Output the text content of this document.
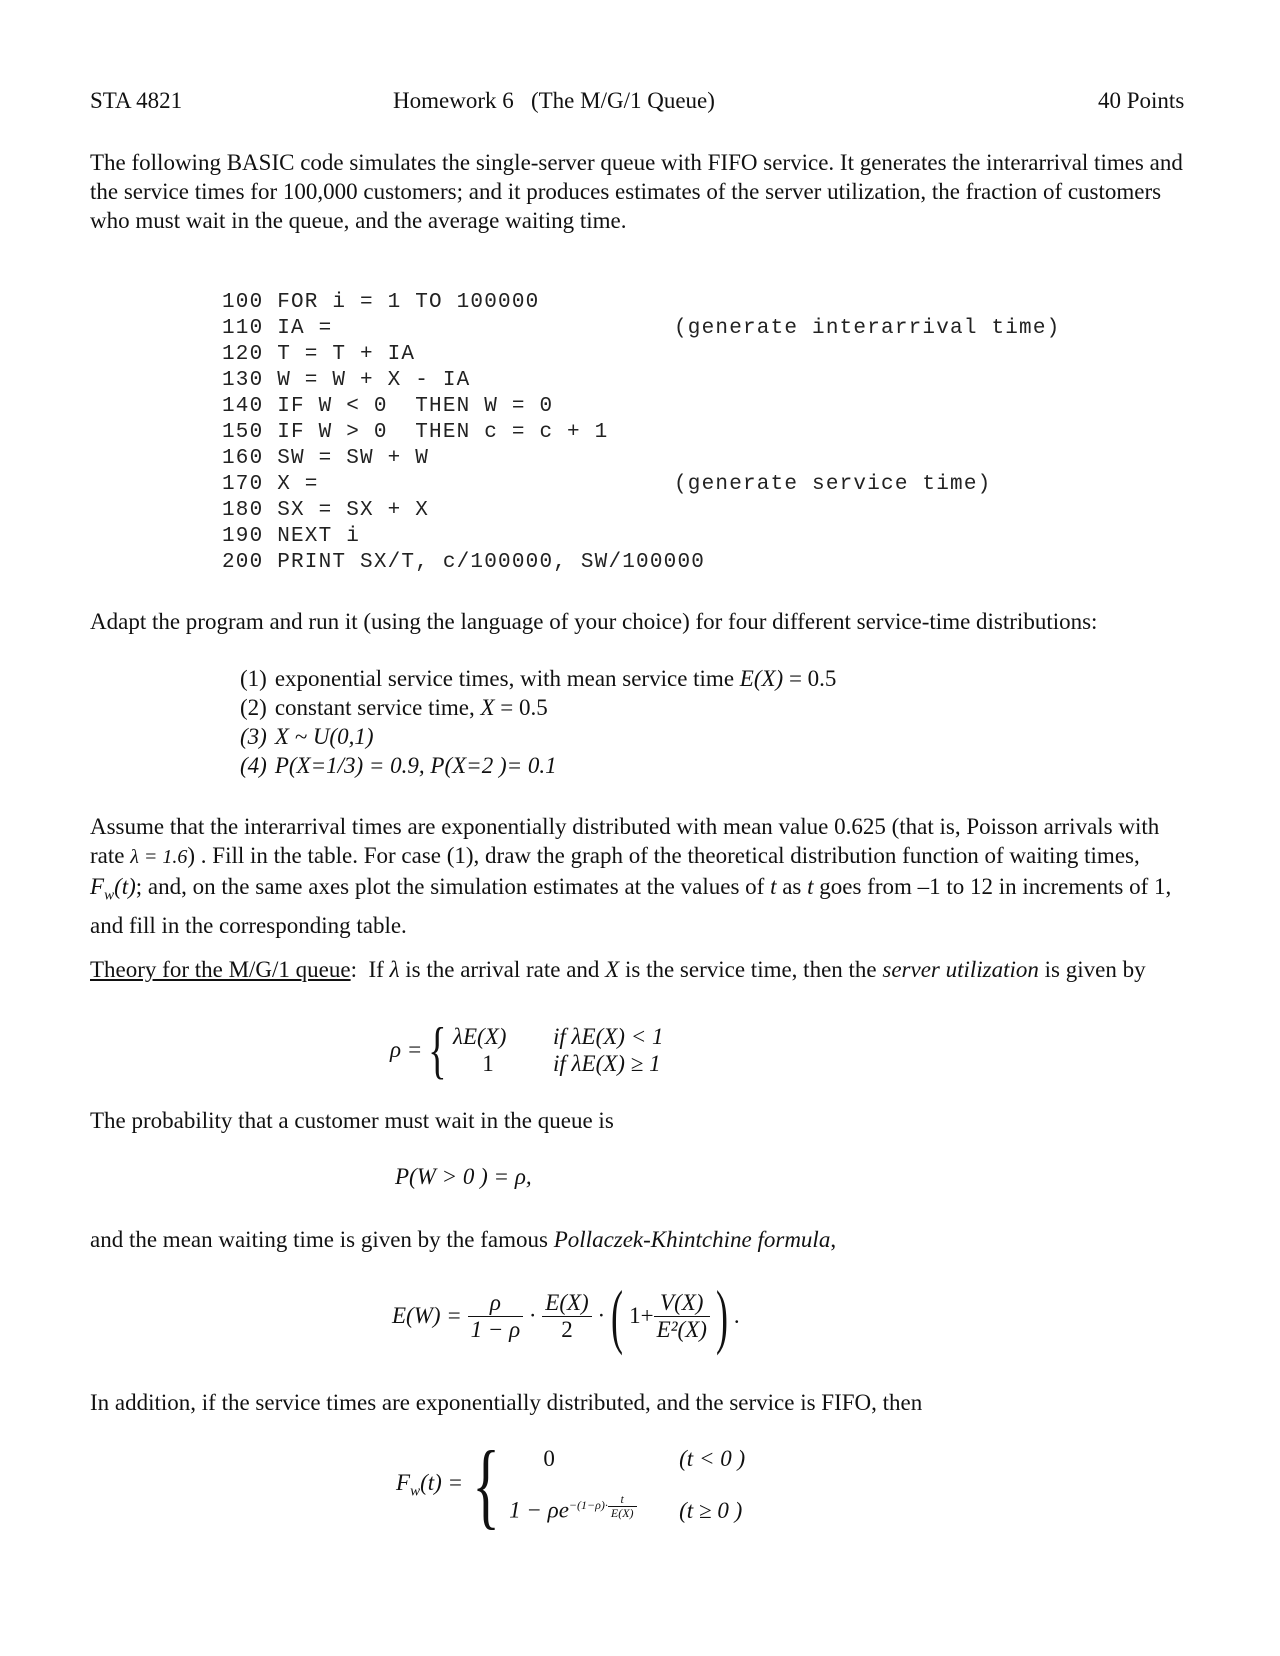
STA 4821	Homework 6   (The M/G/1 Queue)	40 Points

The following BASIC code simulates the single-server queue with FIFO service. It generates the interarrival times and the service times for 100,000 customers; and it produces estimates of the server utilization, the fraction of customers who must wait in the queue, and the average waiting time.

100 FOR i = 1 TO 100000
110 IA =	(generate interarrival time)
120 T = T + IA
130 W = W + X - IA
140 IF W < 0  THEN W = 0
150 IF W > 0  THEN c = c + 1
160 SW = SW + W
170 X =	(generate service time)
180 SX = SX + X
190 NEXT i
200 PRINT SX/T, c/100000, SW/100000

Adapt the program and run it (using the language of your choice) for four different service-time distributions:

(1) exponential service times, with mean service time E(X) = 0.5
(2) constant service time, X = 0.5
(3) X ~ U(0,1)
(4) P(X=1/3) = 0.9, P(X=2 )= 0.1

Assume that the interarrival times are exponentially distributed with mean value 0.625 (that is, Poisson arrivals with rate λ = 1.6) . Fill in the table. For case (1), draw the graph of the theoretical distribution function of waiting times, $F_w(t)$; and, on the same axes plot the simulation estimates at the values of t as t goes from –1 to 12 in increments of 1, and fill in the corresponding table.

Theory for the M/G/1 queue:  If λ is the arrival rate and X is the service time, then the server utilization is given by

ρ ={ λE(X) if λE(X) < 1
1	if λE(X) ≥ 1

The probability that a customer must wait in the queue is

P(W > 0 ) = ρ,

and the mean waiting time is given by the famous Pollaczek-Khintchine formula,

$E(W) = \frac{\rho}{1 - \rho} \cdot \frac{E(X)}{2}$ ·( $1+ \frac{V(X)}{\text{E²(X)}}$ ) .

In addition, if the service times are exponentially distributed, and the service is FIFO, then

$F_w(t)$ ={	0	(t < 0 )
$1 - \rho e^{-(1-\rho)\cdot \frac{t}{E(X)}}$ (t ≥ 0 )
